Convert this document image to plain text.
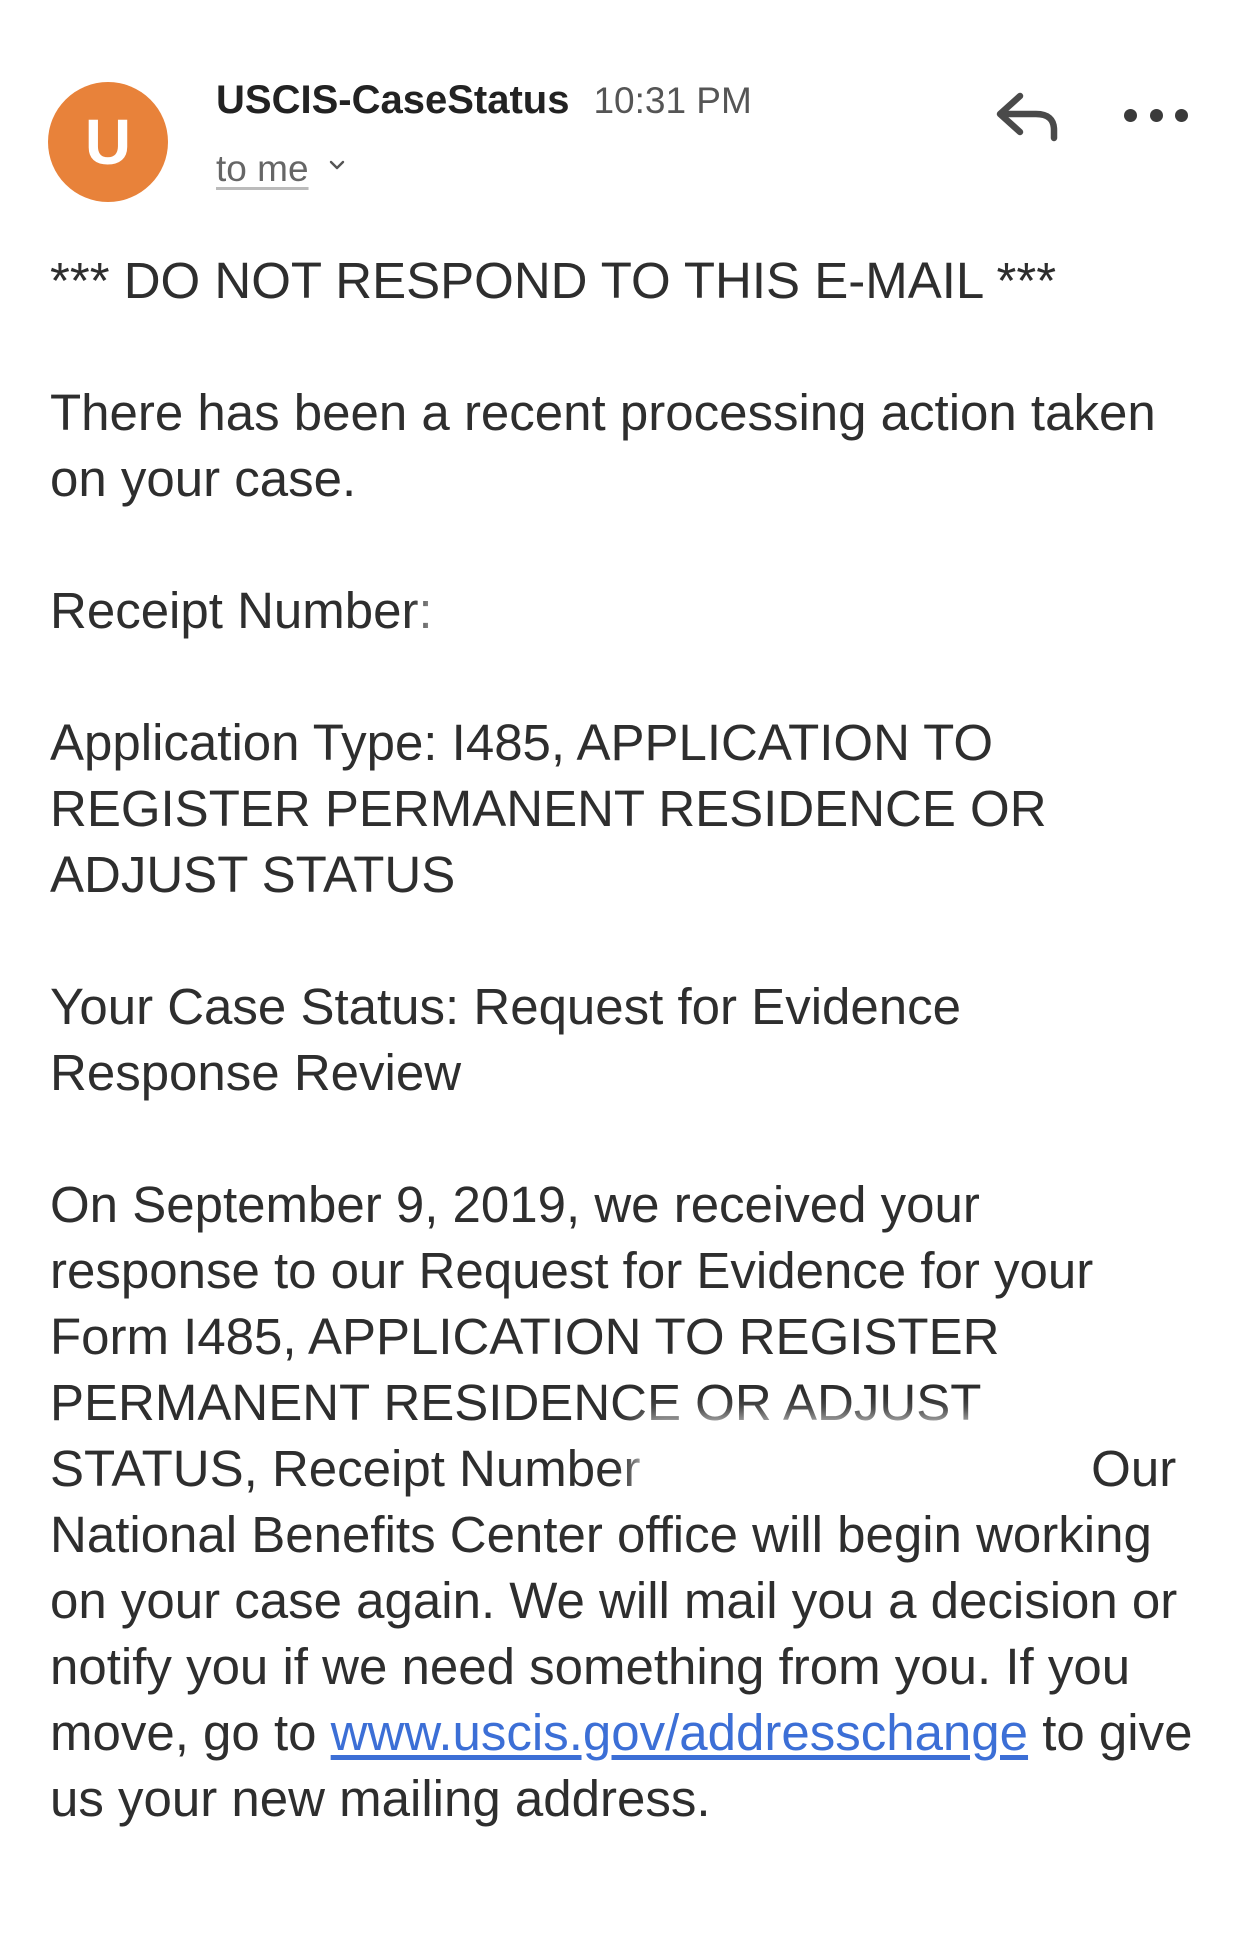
U
USCIS-CaseStatus 10:31 PM
to me

*** DO NOT RESPOND TO THIS E-MAIL ***

There has been a recent processing action taken on your case.

Receipt Number:

Application Type: I485, APPLICATION TO REGISTER PERMANENT RESIDENCE OR ADJUST STATUS

Your Case Status: Request for Evidence Response Review

On September 9, 2019, we received your response to our Request for Evidence for your Form I485, APPLICATION TO REGISTER PERMANENT RESIDENCE OR ADJUST STATUS, Receipt Number	Our National Benefits Center office will begin working on your case again. We will mail you a decision or notify you if we need something from you. If you move, go to www.uscis.gov/addresschange to give us your new mailing address.
